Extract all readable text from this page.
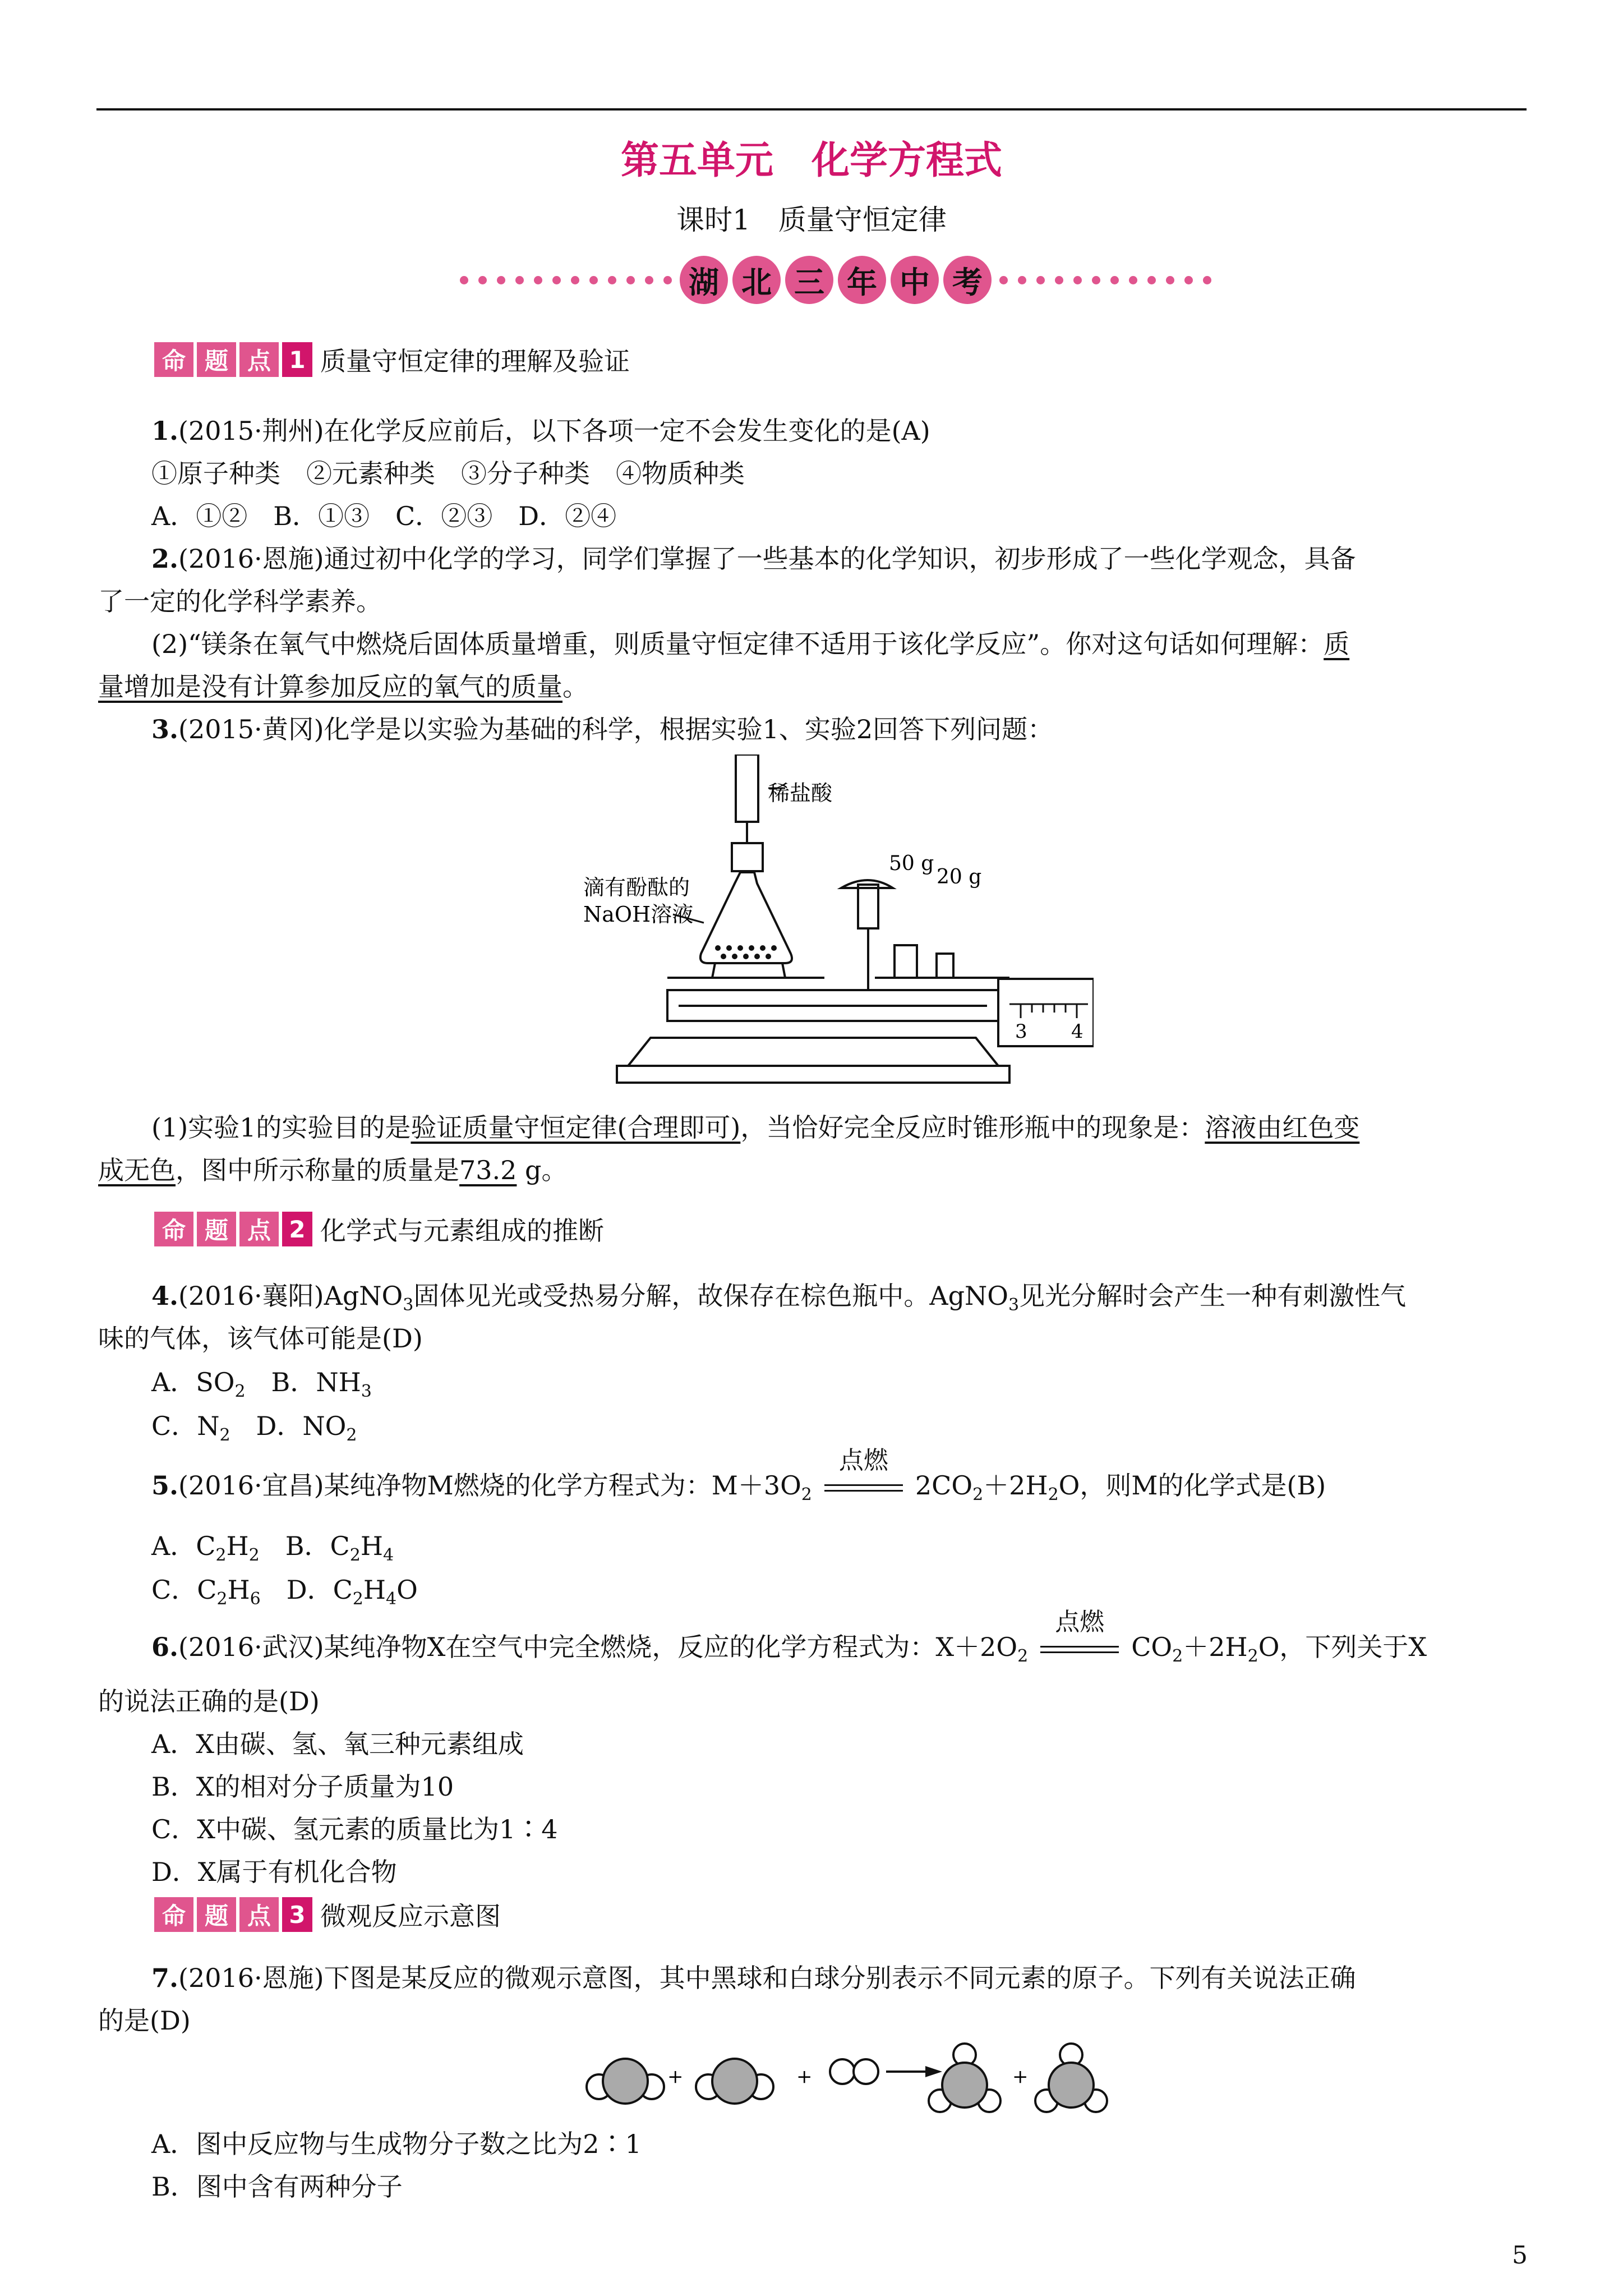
第五单元　化学方程式
课时1　质量守恒定律
湖 北 三 年 中 考
命 题 点 1 质量守恒定律的理解及验证
1.(2015·荆州)在化学反应前后，以下各项一定不会发生变化的是(A)
①原子种类　②元素种类　③分子种类　④物质种类
A．①②　B．①③　C．②③　D．②④
2.(2016·恩施)通过初中化学的学习，同学们掌握了一些基本的化学知识，初步形成了一些化学观念，具备
了一定的化学科学素养。
(2)“镁条在氧气中燃烧后固体质量增重，则质量守恒定律不适用于该化学反应”。你对这句话如何理解：质
量增加是没有计算参加反应的氧气的质量。
3.(2015·黄冈)化学是以实验为基础的科学，根据实验1、实验2回答下列问题：
稀盐酸
滴有酚酞的
NaOH溶液
50 g
20 g
3 4
(1)实验1的实验目的是验证质量守恒定律(合理即可)，当恰好完全反应时锥形瓶中的现象是：溶液由红色变
成无色，图中所示称量的质量是73.2 g。
命 题 点 2 化学式与元素组成的推断
4.(2016·襄阳)AgNO$_3$固体见光或受热易分解，故保存在棕色瓶中。AgNO$_3$见光分解时会产生一种有刺激性气
味的气体，该气体可能是(D)
A．$SO_2$　 B．$NH_3$
C．$N_2$　 D．$NO_2$
5.(2016·宜昌)某纯净物M燃烧的化学方程式为：$M+3O_2$
点燃
$2CO_2+2H_2O$，则M的化学式是(B)
A．$C_2H_2$　 B．$C_2H_4$
C．$C_2H_6$　 D．$C_2H_4O$
6.(2016·武汉)某纯净物X在空气中完全燃烧，反应的化学方程式为：$X+2O_2$
点燃
$CO_2+2H_2O$，下列关于X
的说法正确的是(D)
A．X由碳、氢、氧三种元素组成
B．X的相对分子质量为10
C．X中碳、氢元素的质量比为1∶4
D．X属于有机化合物
命 题 点 3 微观反应示意图
7.(2016·恩施)下图是某反应的微观示意图，其中黑球和白球分别表示不同元素的原子。下列有关说法正确
的是(D)
+	+	+
A．图中反应物与生成物分子数之比为2∶1
B．图中含有两种分子
5
